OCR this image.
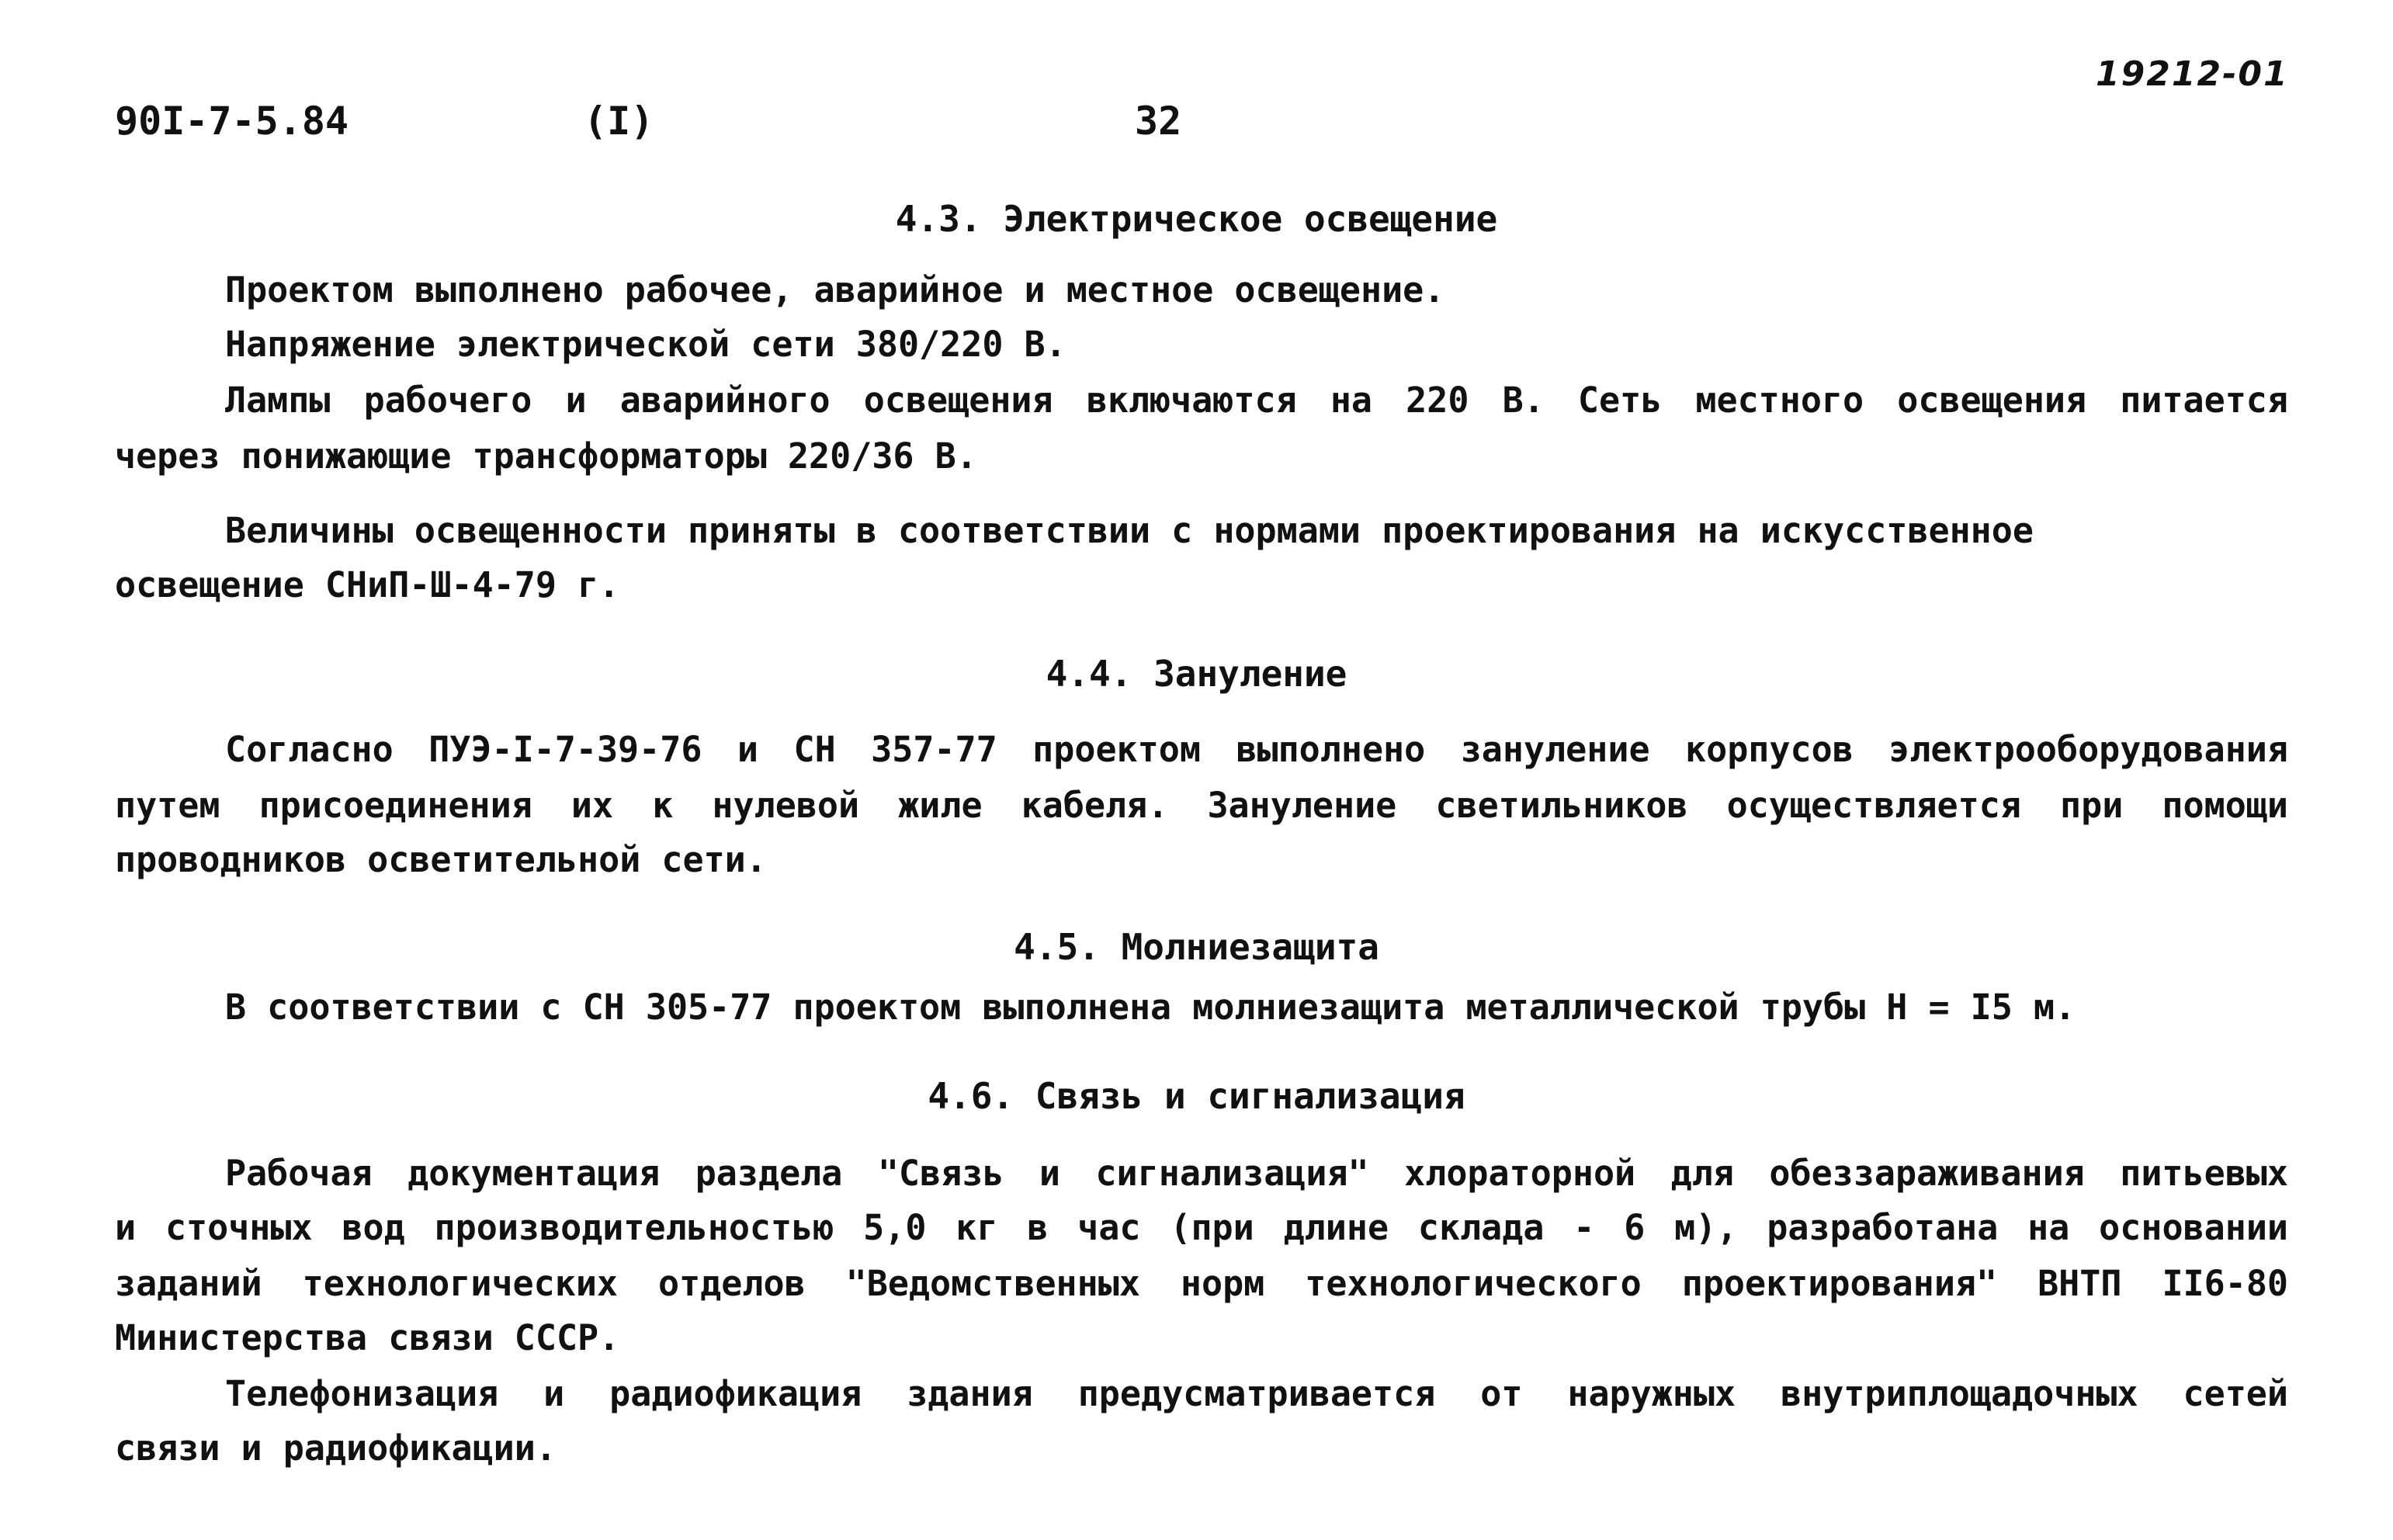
90I-7-5.84	(I)	32
19212-01
4.3. Электрическое освещение
Проектом выполнено рабочее, аварийное и местное освещение.
Напряжение электрической сети 380/220 В.
Лампы рабочего и аварийного освещения включаются на 220 В. Сеть местного освещения питается
через понижающие трансформаторы 220/36 В.
Величины освещенности приняты в соответствии с нормами проектирования на искусственное
освещение СНиП-Ш-4-79 г.
4.4. Зануление
Согласно ПУЭ-I-7-39-76 и СН 357-77 проектом выполнено зануление корпусов электрооборудования
путем присоединения их к нулевой жиле кабеля. Зануление светильников осуществляется при помощи
проводников осветительной сети.
4.5. Молниезащита
В соответствии с СН 305-77 проектом выполнена молниезащита металлической трубы Н = I5 м.
4.6. Связь и сигнализация
Рабочая документация раздела "Связь и сигнализация" хлораторной для обеззараживания питьевых
и сточных вод производительностью 5,0 кг в час (при длине склада - 6 м), разработана на основании
заданий технологических отделов "Ведомственных норм технологического проектирования" ВНТП II6-80
Министерства связи СССР.
Телефонизация и радиофикация здания предусматривается от наружных внутриплощадочных сетей
связи и радиофикации.
